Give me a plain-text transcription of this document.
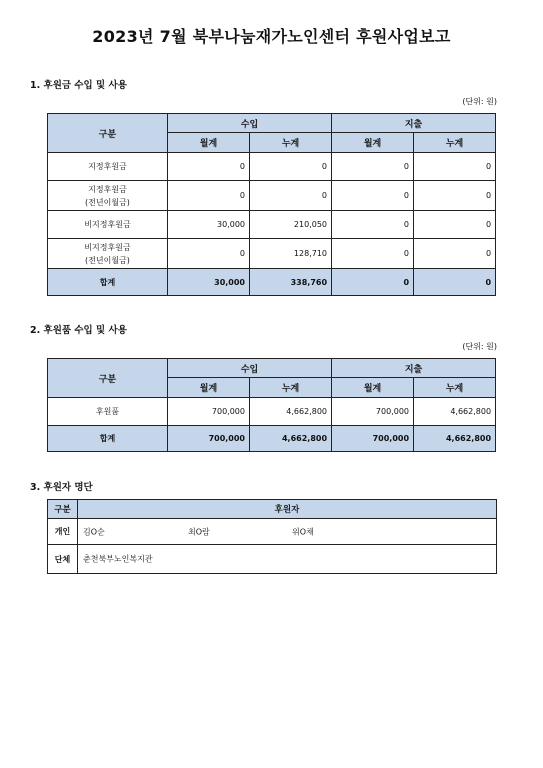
2023년 7월 북부나눔재가노인센터 후원사업보고
1. 후원금 수입 및 사용
(단위: 원)
구분	수입		지출	
	월계	누계	월계	누계
지정후원금	0	0	0	0
지정후원금
(전년이월금)	0	0	0	0
비지정후원금	30,000	210,050	0	0
비지정후원금
(전년이월금)	0	128,710	0	0
합계	30,000	338,760	0	0
2. 후원품 수입 및 사용
(단위: 원)
구분	수입		지출	
	월계	누계	월계	누계
후원품	700,000	4,662,800	700,000	4,662,800
합계	700,000	4,662,800	700,000	4,662,800
3. 후원자 명단
구분	후원자
개인	김O순 최O람 위O채

단체	춘천북부노인복지관
